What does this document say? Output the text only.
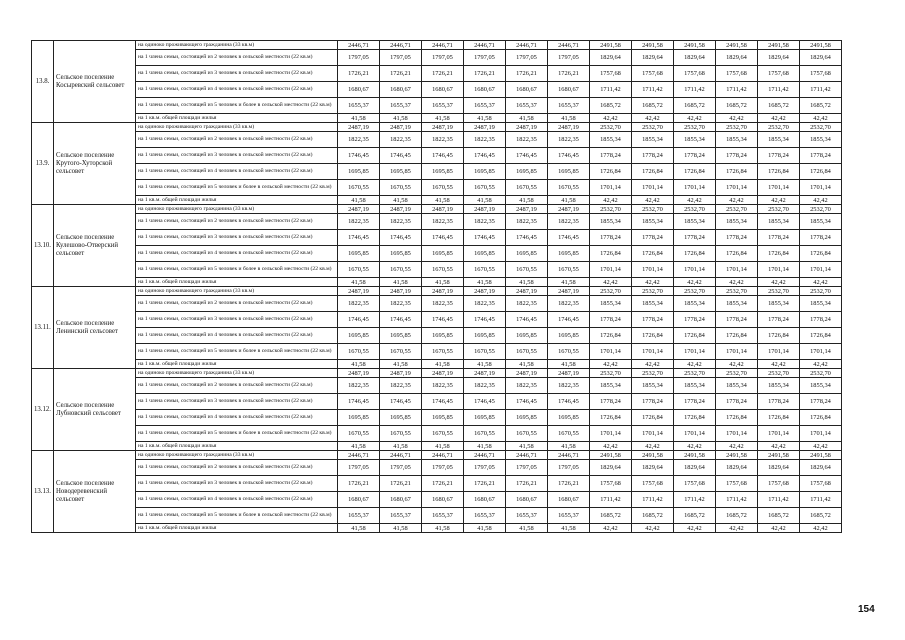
13.8.	Сельское поселение Косыревский сельсовет	на одиноко проживающего гражданина (33 кв.м)	2446,71	2446,71	2446,71	2446,71	2446,71	2446,71	2491,58	2491,58	2491,58	2491,58	2491,58	2491,58
		на 1 члена семьи, состоящей из 2 человек в сельской местности (22 кв.м)	1797,05	1797,05	1797,05	1797,05	1797,05	1797,05	1829,64	1829,64	1829,64	1829,64	1829,64	1829,64
		на 1 члена семьи, состоящей из 3 человек в сельской местности (22 кв.м)	1726,21	1726,21	1726,21	1726,21	1726,21	1726,21	1757,68	1757,68	1757,68	1757,68	1757,68	1757,68
		на 1 члена семьи, состоящей из 4 человек в сельской местности (22 кв.м)	1680,67	1680,67	1680,67	1680,67	1680,67	1680,67	1711,42	1711,42	1711,42	1711,42	1711,42	1711,42
		на 1 члена семьи, состоящей из 5 человек и более в сельской местности (22 кв.м)	1655,37	1655,37	1655,37	1655,37	1655,37	1655,37	1685,72	1685,72	1685,72	1685,72	1685,72	1685,72
		на 1 кв.м. общей площади жилья	41,58	41,58	41,58	41,58	41,58	41,58	42,42	42,42	42,42	42,42	42,42	42,42
13.9.	Сельское поселение Крутого-Хуторской сельсовет	на одиноко проживающего гражданина (33 кв.м)	2487,19	2487,19	2487,19	2487,19	2487,19	2487,19	2532,70	2532,70	2532,70	2532,70	2532,70	2532,70
		на 1 члена семьи, состоящей из 2 человек в сельской местности (22 кв.м)	1822,35	1822,35	1822,35	1822,35	1822,35	1822,35	1855,34	1855,34	1855,34	1855,34	1855,34	1855,34
		на 1 члена семьи, состоящей из 3 человек в сельской местности (22 кв.м)	1746,45	1746,45	1746,45	1746,45	1746,45	1746,45	1778,24	1778,24	1778,24	1778,24	1778,24	1778,24
		на 1 члена семьи, состоящей из 4 человек в сельской местности (22 кв.м)	1695,85	1695,85	1695,85	1695,85	1695,85	1695,85	1726,84	1726,84	1726,84	1726,84	1726,84	1726,84
		на 1 члена семьи, состоящей из 5 человек и более в сельской местности (22 кв.м)	1670,55	1670,55	1670,55	1670,55	1670,55	1670,55	1701,14	1701,14	1701,14	1701,14	1701,14	1701,14
		на 1 кв.м. общей площади жилья	41,58	41,58	41,58	41,58	41,58	41,58	42,42	42,42	42,42	42,42	42,42	42,42
13.10.	Сельское поселение Кулешово-Отверский сельсовет	на одиноко проживающего гражданина (33 кв.м)	2487,19	2487,19	2487,19	2487,19	2487,19	2487,19	2532,70	2532,70	2532,70	2532,70	2532,70	2532,70
		на 1 члена семьи, состоящей из 2 человек в сельской местности (22 кв.м)	1822,35	1822,35	1822,35	1822,35	1822,35	1822,35	1855,34	1855,34	1855,34	1855,34	1855,34	1855,34
		на 1 члена семьи, состоящей из 3 человек в сельской местности (22 кв.м)	1746,45	1746,45	1746,45	1746,45	1746,45	1746,45	1778,24	1778,24	1778,24	1778,24	1778,24	1778,24
		на 1 члена семьи, состоящей из 4 человек в сельской местности (22 кв.м)	1695,85	1695,85	1695,85	1695,85	1695,85	1695,85	1726,84	1726,84	1726,84	1726,84	1726,84	1726,84
		на 1 члена семьи, состоящей из 5 человек и более в сельской местности (22 кв.м)	1670,55	1670,55	1670,55	1670,55	1670,55	1670,55	1701,14	1701,14	1701,14	1701,14	1701,14	1701,14
		на 1 кв.м. общей площади жилья	41,58	41,58	41,58	41,58	41,58	41,58	42,42	42,42	42,42	42,42	42,42	42,42
13.11.	Сельское поселение Ленинский сельсовет	на одиноко проживающего гражданина (33 кв.м)	2487,19	2487,19	2487,19	2487,19	2487,19	2487,19	2532,70	2532,70	2532,70	2532,70	2532,70	2532,70
		на 1 члена семьи, состоящей из 2 человек в сельской местности (22 кв.м)	1822,35	1822,35	1822,35	1822,35	1822,35	1822,35	1855,34	1855,34	1855,34	1855,34	1855,34	1855,34
		на 1 члена семьи, состоящей из 3 человек в сельской местности (22 кв.м)	1746,45	1746,45	1746,45	1746,45	1746,45	1746,45	1778,24	1778,24	1778,24	1778,24	1778,24	1778,24
		на 1 члена семьи, состоящей из 4 человек в сельской местности (22 кв.м)	1695,85	1695,85	1695,85	1695,85	1695,85	1695,85	1726,84	1726,84	1726,84	1726,84	1726,84	1726,84
		на 1 члена семьи, состоящей из 5 человек и более в сельской местности (22 кв.м)	1670,55	1670,55	1670,55	1670,55	1670,55	1670,55	1701,14	1701,14	1701,14	1701,14	1701,14	1701,14
		на 1 кв.м. общей площади жилья	41,58	41,58	41,58	41,58	41,58	41,58	42,42	42,42	42,42	42,42	42,42	42,42
13.12.	Сельское поселение Лубновский сельсовет	на одиноко проживающего гражданина (33 кв.м)	2487,19	2487,19	2487,19	2487,19	2487,19	2487,19	2532,70	2532,70	2532,70	2532,70	2532,70	2532,70
		на 1 члена семьи, состоящей из 2 человек в сельской местности (22 кв.м)	1822,35	1822,35	1822,35	1822,35	1822,35	1822,35	1855,34	1855,34	1855,34	1855,34	1855,34	1855,34
		на 1 члена семьи, состоящей из 3 человек в сельской местности (22 кв.м)	1746,45	1746,45	1746,45	1746,45	1746,45	1746,45	1778,24	1778,24	1778,24	1778,24	1778,24	1778,24
		на 1 члена семьи, состоящей из 4 человек в сельской местности (22 кв.м)	1695,85	1695,85	1695,85	1695,85	1695,85	1695,85	1726,84	1726,84	1726,84	1726,84	1726,84	1726,84
		на 1 члена семьи, состоящей из 5 человек и более в сельской местности (22 кв.м)	1670,55	1670,55	1670,55	1670,55	1670,55	1670,55	1701,14	1701,14	1701,14	1701,14	1701,14	1701,14
		на 1 кв.м. общей площади жилья	41,58	41,58	41,58	41,58	41,58	41,58	42,42	42,42	42,42	42,42	42,42	42,42
13.13.	Сельское поселение Новодеревенский сельсовет	на одиноко проживающего гражданина (33 кв.м)	2446,71	2446,71	2446,71	2446,71	2446,71	2446,71	2491,58	2491,58	2491,58	2491,58	2491,58	2491,58
		на 1 члена семьи, состоящей из 2 человек в сельской местности (22 кв.м)	1797,05	1797,05	1797,05	1797,05	1797,05	1797,05	1829,64	1829,64	1829,64	1829,64	1829,64	1829,64
		на 1 члена семьи, состоящей из 3 человек в сельской местности (22 кв.м)	1726,21	1726,21	1726,21	1726,21	1726,21	1726,21	1757,68	1757,68	1757,68	1757,68	1757,68	1757,68
		на 1 члена семьи, состоящей из 4 человек в сельской местности (22 кв.м)	1680,67	1680,67	1680,67	1680,67	1680,67	1680,67	1711,42	1711,42	1711,42	1711,42	1711,42	1711,42
		на 1 члена семьи, состоящей из 5 человек и более в сельской местности (22 кв.м)	1655,37	1655,37	1655,37	1655,37	1655,37	1655,37	1685,72	1685,72	1685,72	1685,72	1685,72	1685,72
		на 1 кв.м. общей площади жилья	41,58	41,58	41,58	41,58	41,58	41,58	42,42	42,42	42,42	42,42	42,42	42,42
154
